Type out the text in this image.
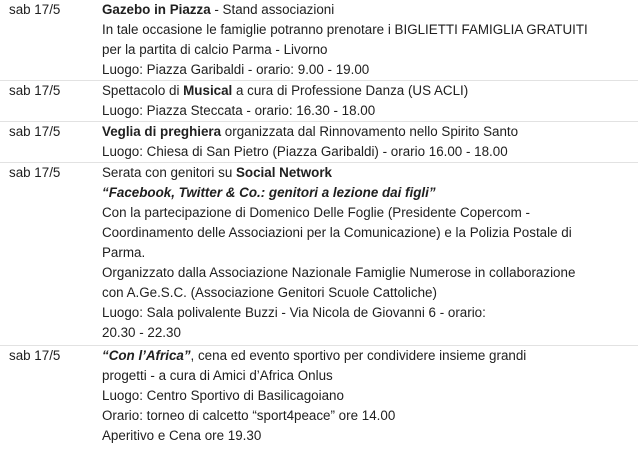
sab 17/5	Gazebo in Piazza - Stand associazioni
In tale occasione le famiglie potranno prenotare i BIGLIETTI FAMIGLIA GRATUITI
per la partita di calcio Parma - Livorno
Luogo: Piazza Garibaldi - orario: 9.00 - 19.00
sab 17/5	Spettacolo di Musical a cura di Professione Danza (US ACLI)
Luogo: Piazza Steccata - orario: 16.30 - 18.00
sab 17/5	Veglia di preghiera organizzata dal Rinnovamento nello Spirito Santo
Luogo: Chiesa di San Pietro (Piazza Garibaldi) - orario 16.00 - 18.00
sab 17/5	Serata con genitori su Social Network
“Facebook, Twitter & Co.: genitori a lezione dai figli”
Con la partecipazione di Domenico Delle Foglie (Presidente Copercom -
Coordinamento delle Associazioni per la Comunicazione) e la Polizia Postale di
Parma.
Organizzato dalla Associazione Nazionale Famiglie Numerose in collaborazione
con A.Ge.S.C. (Associazione Genitori Scuole Cattoliche)
Luogo: Sala polivalente Buzzi - Via Nicola de Giovanni 6 - orario:
20.30 - 22.30
sab 17/5	“Con l’Africa”, cena ed evento sportivo per condividere insieme grandi
progetti - a cura di Amici d’Africa Onlus
Luogo: Centro Sportivo di Basilicagoiano
Orario: torneo di calcetto “sport4peace” ore 14.00
Aperitivo e Cena ore 19.30
